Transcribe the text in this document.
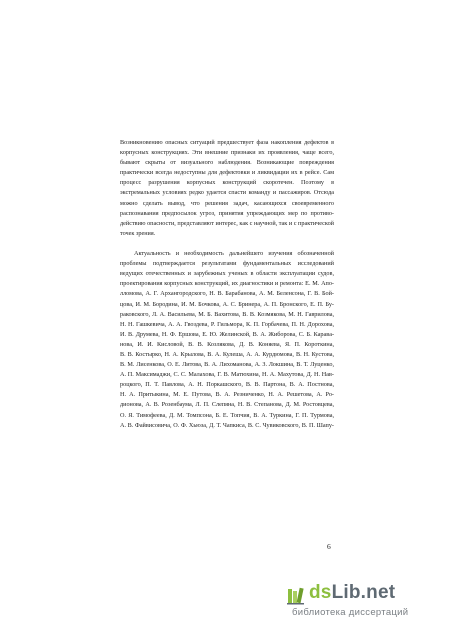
Возникновению опасных ситуаций предшествует фаза накопления дефектов в
корпусных конструкциях. Эти внешние признаки их проявления, чаще всего,
бывают скрыты от визуального наблюдения. Возникающие повреждения
практически всегда недоступны для дефектовки и ликвидации их в рейсе. Сам
процесс разрушения корпусных конструкций скоротечен. Поэтому в
экстремальных условиях редко удается спасти команду и пассажиров. Отсюда
можно сделать вывод, что решения задач, касающихся своевременного
распознавания предпосылок угроз, принятия упреждающих мер по противо-
действию опасности, представляют интерес, как с научной, так и с практической
точек зрения.
Актуальность и необходимость дальнейшего изучения обозначенной
проблемы подтверждается результатами фундаментальных исследований
ведущих отечественных и зарубежных ученых в области эксплуатации судов,
проектирования корпусных конструкций, их диагностики и ремонта: Е. М. Апо-
лломова, А. Г. Архангородского, Н. В. Барабанова, А. М. Беленсона, Г. В. Бой-
цова, И. М. Бородина, И. М. Бочкова, А. С. Бринера, А. П. Бронского, Е. П. Бу-
раковского, Л. А. Васильева, М. Б. Вахитова, В. В. Козмякова, М. Н. Гаврилова,
Н. Н. Гашкевича, А. А. Гвоздева, Р. Гильмора, К. П. Горбачева, П. Н. Дорохова,
И. В. Друмева, Н. Ф. Ершова, Е. Ю. Желинской, В. А. Жиборова, С. Б. Каравa-
нова, И. И. Кисловой, В. В. Козлякова, Д. В. Коняева, Я. П. Короткина,
В. В. Костырко, Н. А. Крылова, В. А. Кулеша, А. А. Курдюмова, В. Н. Кустова,
В. М. Лисенкова, О. Е. Литова, В. А. Лихоманова, А. З. Локшина, В. Т. Луценко,
А. П. Максимаджи, С. С. Малахова, Г. В. Матюхина, Н. А. Махутова, Д. Н. Нав-
роцкого, П. Т. Павлова, А. Н. Поркашского, В. В. Партона, В. А. Постнова,
Н. А. Притыкина, М. Е. Путова, В. А. Резниченко, Н. А. Решетова, А. Ро-
дионова, А. В. Розенбаума, Л. П. Слепяна, Н. В. Степанова, Д. М. Ростовцева,
О. Я. Тимофеева, Д. М. Томпсона, Б. Е. Топчия, В. А. Туркина, Г. П. Турмова,
А. В. Файвисовича, О. Ф. Хьюза, Д. Т. Чапкиса, В. С. Чувиковского, В. П. Шапу-
6
dsLib.net
библиотека диссертаций
